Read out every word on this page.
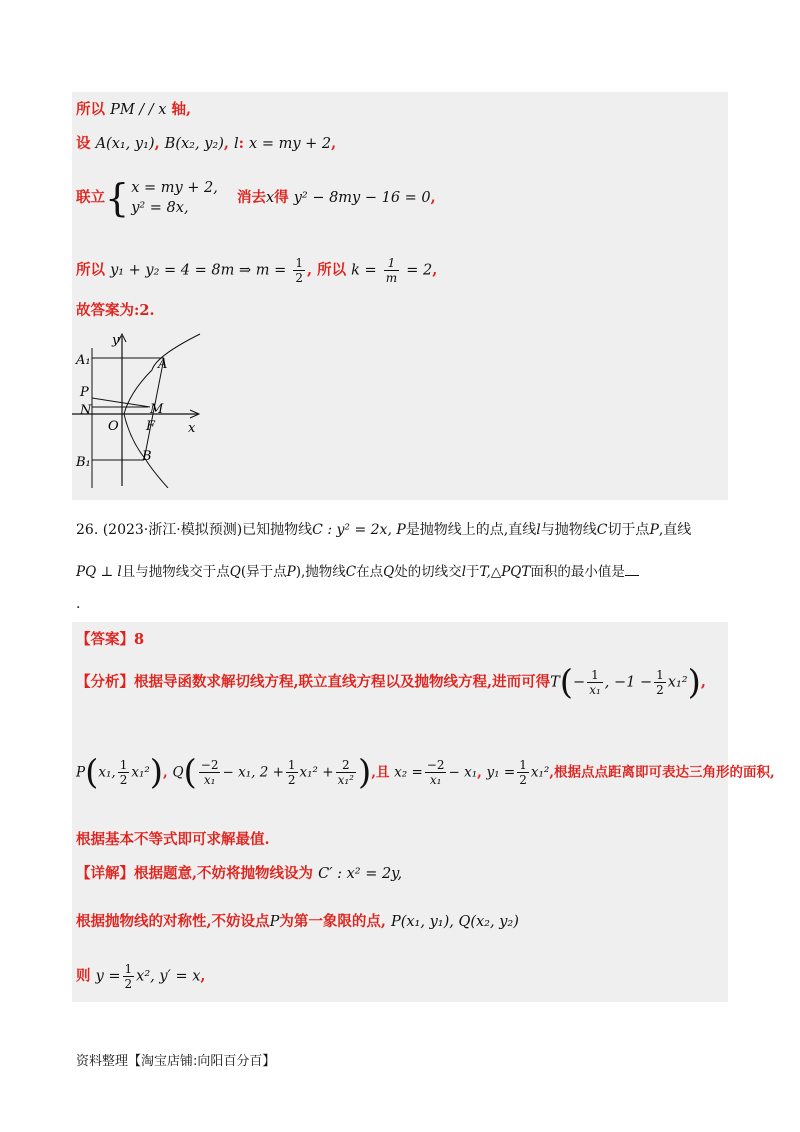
所以 PM / / x 轴,
设 A(x₁, y₁), B(x₂, y₂), l: x = my + 2,
联立{ x = my + 2,
y² = 8x,
消去x得 y² − 8my − 16 = 0,
所以 y₁ + y₂ = 4 = 8m ⇒ $m = \frac{1}{2}$ , 所以 $k = \frac{1}{m} = 2$,
故答案为:2.
y
x
A₁	A
P
N	M
O F
B₁	B
26. (2023·浙江·模拟预测)已知抛物线C : y² = 2x, P是抛物线上的点,直线l与抛物线C切于点P,直线
PQ ⊥ l且与抛物线交于点Q(异于点P),抛物线C在点Q处的切线交l于T,△PQT面积的最小值是
.
【答案】8
【分析】根据导函数求解切线方程,联立直线方程以及抛物线方程,进而可得$T(- \frac{1}{\text{x₁}}$ , $-1 - \frac{1}{2} x_1^2$),
P(x₁, $\frac{1}{2} x_1^2$), $Q( \frac{-2}{\text{x₁}} - x_1$, $2 + \frac{1}{2} x_1^2 + \frac{2}{\text{x₁²}}$ ),且 $x_2 = \frac{-2}{\text{x₁}} - x_1$, $y_1 = \frac{1}{2} x_1^2$,根据点点距离即可表达三角形的面积,
根据基本不等式即可求解最值.
【详解】根据题意,不妨将抛物线设为 C′ : x² = 2y,
根据抛物线的对称性,不妨设点P为第一象限的点, P(x₁, y₁), Q(x₂, y₂)
则 $y = \frac{1}{2} x^2$, y′ = x,
资料整理【淘宝店铺:向阳百分百】
